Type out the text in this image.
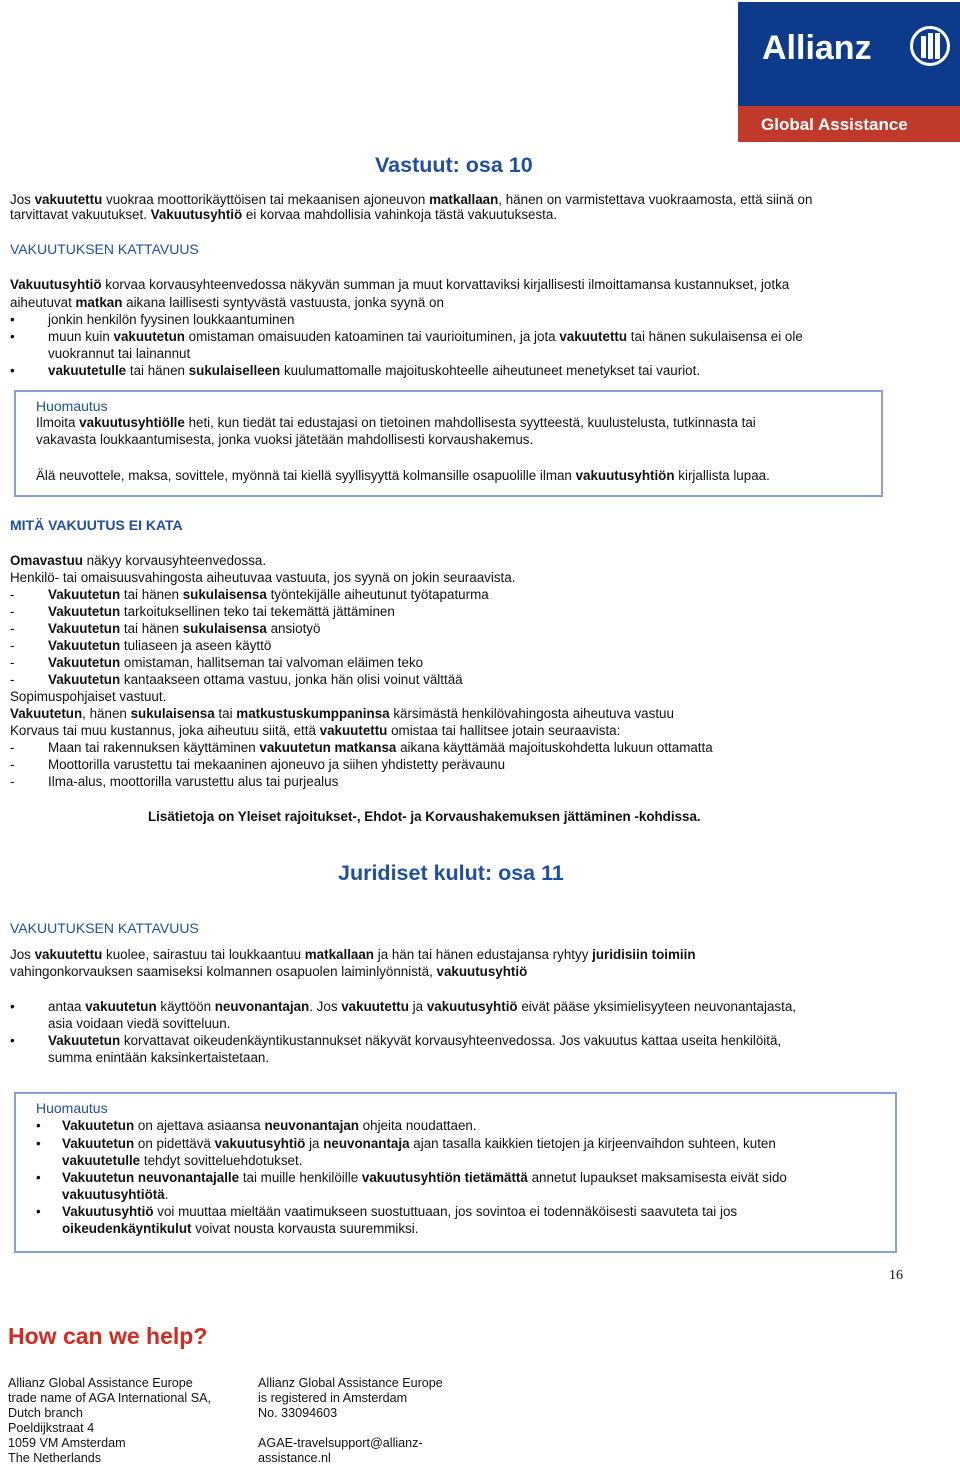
Allianz
Global Assistance
Vastuut: osa 10
Jos vakuutettu vuokraa moottorikäyttöisen tai mekaanisen ajoneuvon matkallaan, hänen on varmistettava vuokraamosta, että siinä on
tarvittavat vakuutukset. Vakuutusyhtiö ei korvaa mahdollisia vahinkoja tästä vakuutuksesta.
VAKUUTUKSEN KATTAVUUS
Vakuutusyhtiö korvaa korvausyhteenvedossa näkyvän summan ja muut korvattaviksi kirjallisesti ilmoittamansa kustannukset, jotka
aiheutuvat matkan aikana laillisesti syntyvästä vastuusta, jonka syynä on
• jonkin henkilön fyysinen loukkaantuminen
• muun kuin vakuutetun omistaman omaisuuden katoaminen tai vaurioituminen, ja jota vakuutettu tai hänen sukulaisensa ei ole
vuokrannut tai lainannut
• vakuutetulle tai hänen sukulaiselleen kuulumattomalle majoituskohteelle aiheutuneet menetykset tai vauriot.
Huomautus
Ilmoita vakuutusyhtiölle heti, kun tiedät tai edustajasi on tietoinen mahdollisesta syytteestä, kuulustelusta, tutkinnasta tai
vakavasta loukkaantumisesta, jonka vuoksi jätetään mahdollisesti korvaushakemus.
Älä neuvottele, maksa, sovittele, myönnä tai kiellä syyllisyyttä kolmansille osapuolille ilman vakuutusyhtiön kirjallista lupaa.
MITÄ VAKUUTUS EI KATA
Omavastuu näkyy korvausyhteenvedossa.
Henkilö- tai omaisuusvahingosta aiheutuvaa vastuuta, jos syynä on jokin seuraavista.
-	Vakuutetun tai hänen sukulaisensa työntekijälle aiheutunut työtapaturma
-	Vakuutetun tarkoituksellinen teko tai tekemättä jättäminen
-	Vakuutetun tai hänen sukulaisensa ansiotyö
-	Vakuutetun tuliaseen ja aseen käyttö
-	Vakuutetun omistaman, hallitseman tai valvoman eläimen teko
-	Vakuutetun kantaakseen ottama vastuu, jonka hän olisi voinut välttää
Sopimuspohjaiset vastuut.
Vakuutetun, hänen sukulaisensa tai matkustuskumppaninsa kärsimästä henkilövahingosta aiheutuva vastuu
Korvaus tai muu kustannus, joka aiheutuu siitä, että vakuutettu omistaa tai hallitsee jotain seuraavista:
-	Maan tai rakennuksen käyttäminen vakuutetun matkansa aikana käyttämää majoituskohdetta lukuun ottamatta
-	Moottorilla varustettu tai mekaaninen ajoneuvo ja siihen yhdistetty perävaunu
-	Ilma-alus, moottorilla varustettu alus tai purjealus
Lisätietoja on Yleiset rajoitukset-, Ehdot- ja Korvaushakemuksen jättäminen -kohdissa.
Juridiset kulut: osa 11
VAKUUTUKSEN KATTAVUUS
Jos vakuutettu kuolee, sairastuu tai loukkaantuu matkallaan ja hän tai hänen edustajansa ryhtyy juridisiin toimiin
vahingonkorvauksen saamiseksi kolmannen osapuolen laiminlyönnistä, vakuutusyhtiö
• antaa vakuutetun käyttöön neuvonantajan. Jos vakuutettu ja vakuutusyhtiö eivät pääse yksimielisyyteen neuvonantajasta,
asia voidaan viedä sovitteluun.
• Vakuutetun korvattavat oikeudenkäyntikustannukset näkyvät korvausyhteenvedossa. Jos vakuutus kattaa useita henkilöitä,
summa enintään kaksinkertaistetaan.
Huomautus
• Vakuutetun on ajettava asiaansa neuvonantajan ohjeita noudattaen.
• Vakuutetun on pidettävä vakuutusyhtiö ja neuvonantaja ajan tasalla kaikkien tietojen ja kirjeenvaihdon suhteen, kuten
vakuutetulle tehdyt sovitteluehdotukset.
• Vakuutetun neuvonantajalle tai muille henkilöille vakuutusyhtiön tietämättä annetut lupaukset maksamisesta eivät sido
vakuutusyhtiötä.
• Vakuutusyhtiö voi muuttaa mieltään vaatimukseen suostuttuaan, jos sovintoa ei todennäköisesti saavuteta tai jos
oikeudenkäyntikulut voivat nousta korvausta suuremmiksi.
16
How can we help?
Allianz Global Assistance Europe
trade name of AGA International SA,
Dutch branch
Poeldijkstraat 4
1059 VM Amsterdam
The Netherlands
Allianz Global Assistance Europe
is registered in Amsterdam
No. 33094603
AGAE-travelsupport@allianz-
assistance.nl
